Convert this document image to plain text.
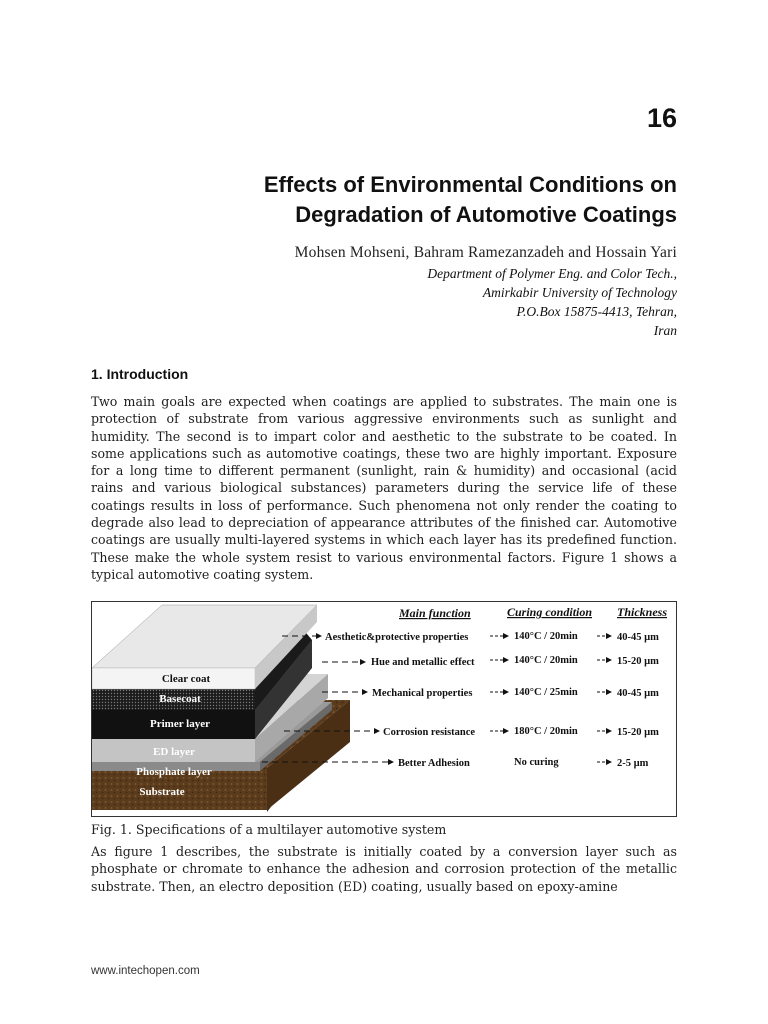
16
Effects of Environmental Conditions on
Degradation of Automotive Coatings
Mohsen Mohseni, Bahram Ramezanzadeh and Hossain Yari
Department of Polymer Eng. and Color Tech.,
Amirkabir University of Technology
P.O.Box 15875-4413, Tehran,
Iran
1. Introduction

Two main goals are expected when coatings are applied to substrates. The main one is protection of substrate from various aggressive environments such as sunlight and humidity. The second is to impart color and aesthetic to the substrate to be coated. In some applications such as automotive coatings, these two are highly important. Exposure for a long time to different permanent (sunlight, rain & humidity) and occasional (acid rains and various biological substances) parameters during the service life of these coatings results in loss of performance. Such phenomena not only render the coating to degrade also lead to depreciation of appearance attributes of the finished car. Automotive coatings are usually multi-layered systems in which each layer has its predefined function. These make the whole system resist to various environmental factors. Figure 1 shows a typical automotive coating system.

Clear coat
Basecoat
Primer layer
ED layer
Phosphate layer
Substrate
Main function	Curing condition Thickness
Aesthetic&protective properties
Hue and metallic effect
Mechanical properties
Corrosion resistance
Better Adhesion
140°C / 20min
140°C / 20min
140°C / 25min
180°C / 20min
No curing
40-45 µm
15-20 µm
40-45 µm
15-20 µm
2-5 µm
Fig. 1. Specifications of a multilayer automotive system

As figure 1 describes, the substrate is initially coated by a conversion layer such as phosphate or chromate to enhance the adhesion and corrosion protection of the metallic substrate. Then, an electro deposition (ED) coating, usually based on epoxy-amine

www.intechopen.com
